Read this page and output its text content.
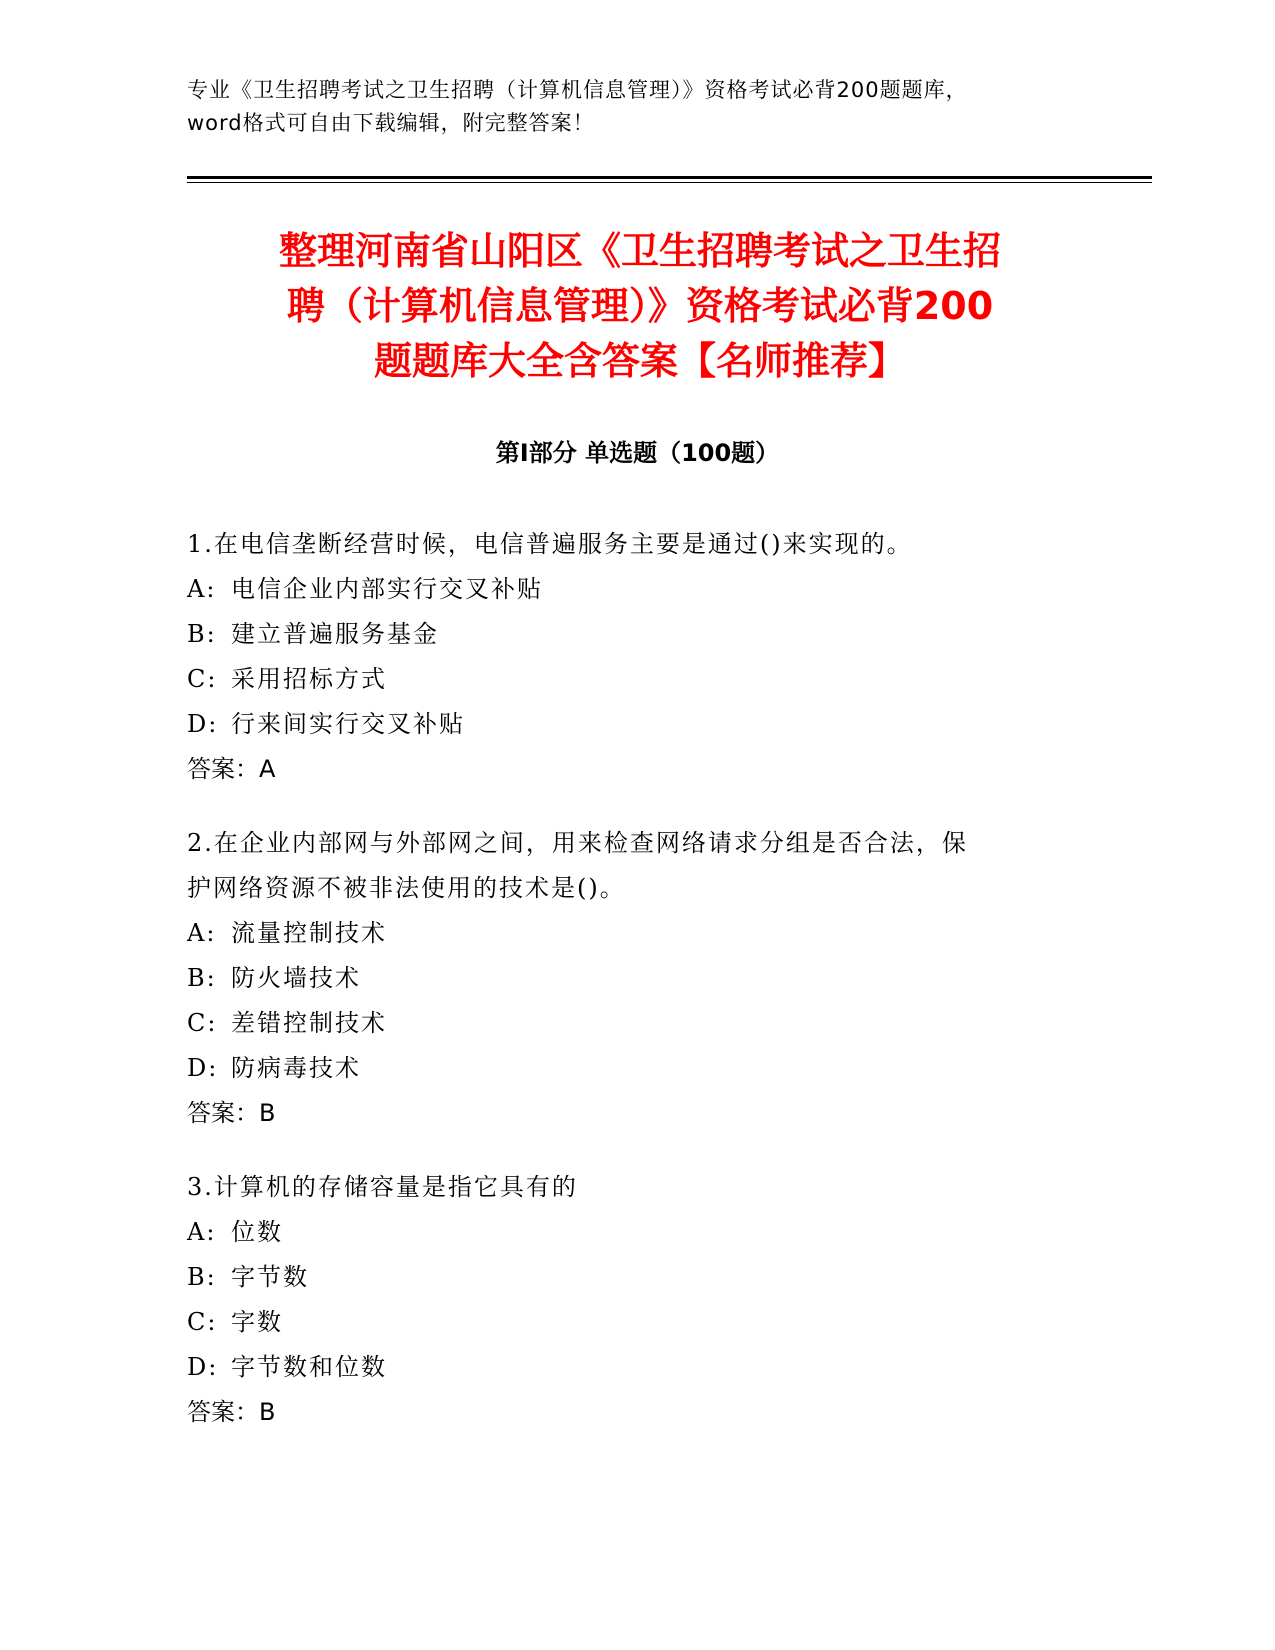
专业《卫生招聘考试之卫生招聘（计算机信息管理）》资格考试必背200题题库，
word格式可自由下载编辑，附完整答案！
整理河南省山阳区《卫生招聘考试之卫生招
聘（计算机信息管理）》资格考试必背200
题题库大全含答案【名师推荐】
第Ⅰ部分 单选题（100题）

1.在电信垄断经营时候，电信普遍服务主要是通过()来实现的。

A: 电信企业内部实行交叉补贴

B: 建立普遍服务基金

C: 采用招标方式

D: 行来间实行交叉补贴

答案：A

2.在企业内部网与外部网之间，用来检查网络请求分组是否合法，保

护网络资源不被非法使用的技术是()。

A: 流量控制技术

B: 防火墙技术

C: 差错控制技术

D: 防病毒技术

答案：B

3.计算机的存储容量是指它具有的

A: 位数

B: 字节数

C: 字数

D: 字节数和位数

答案：B
